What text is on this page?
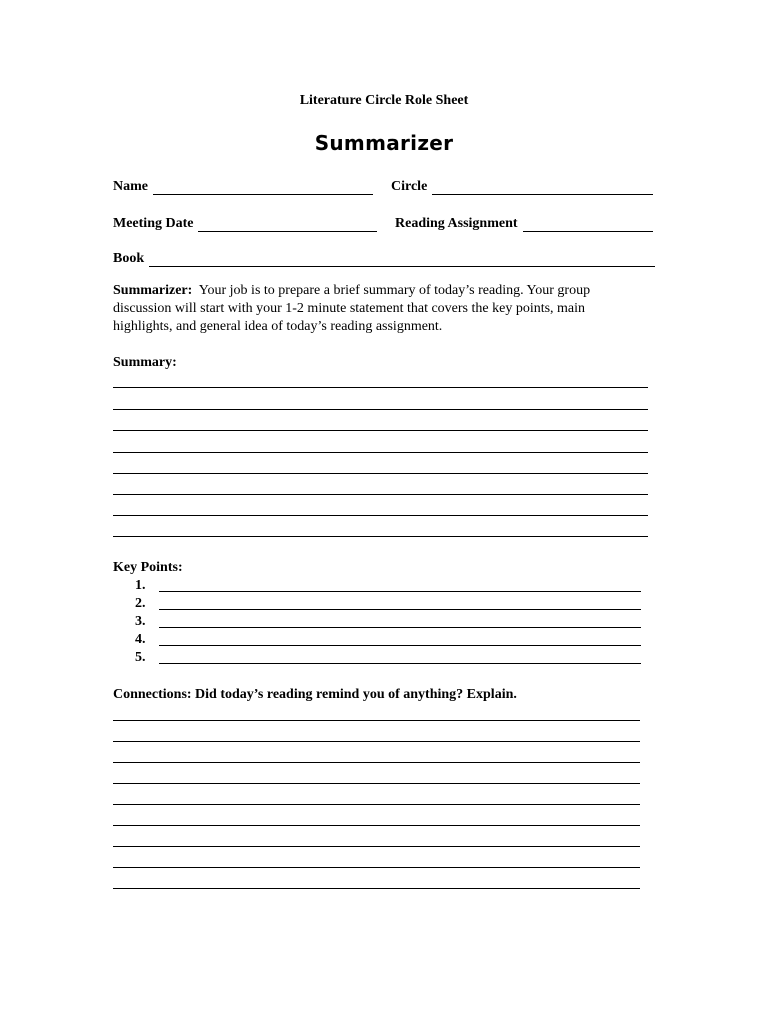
Literature Circle Role Sheet
Summarizer
Name	Circle
Meeting Date	Reading Assignment
Book
Summarizer: Your job is to prepare a brief summary of today’s reading. Your group discussion will start with your 1-2 minute statement that covers the key points, main highlights, and general idea of today’s reading assignment.
Summary:
Key Points:
1.
2.
3.
4.
5.
Connections: Did today’s reading remind you of anything? Explain.
